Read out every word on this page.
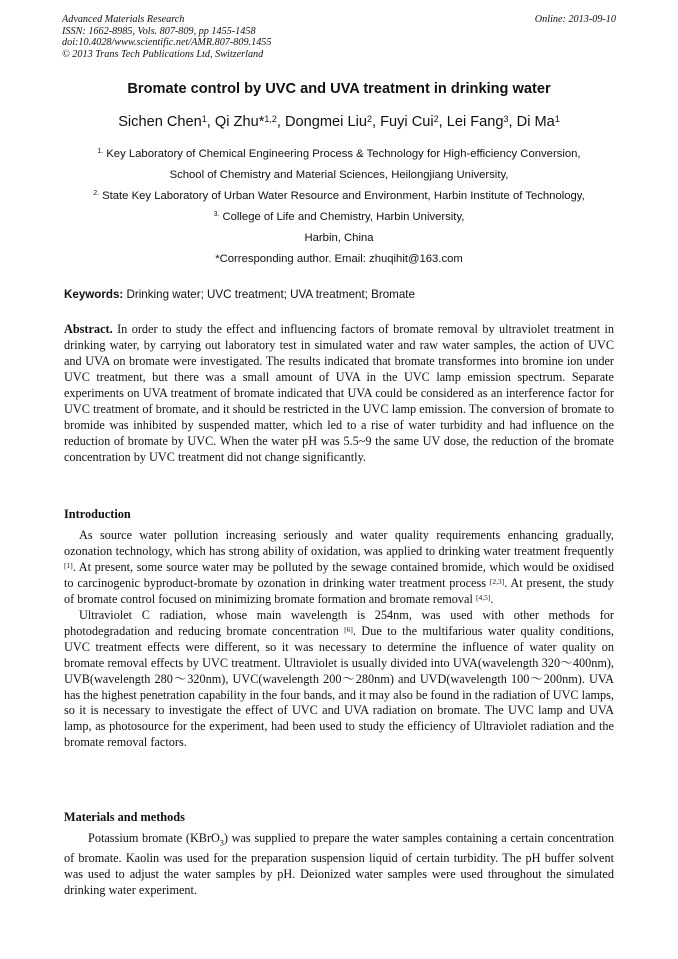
Advanced Materials Research
ISSN: 1662-8985, Vols. 807-809, pp 1455-1458
doi:10.4028/www.scientific.net/AMR.807-809.1455
© 2013 Trans Tech Publications Ltd, Switzerland
Online: 2013-09-10
Bromate control by UVC and UVA treatment in drinking water
Sichen Chen$^1$, Qi Zhu*$^{1,2}$, Dongmei Liu$^2$, Fuyi Cui$^2$, Lei Fang$^3$, Di Ma$^1$
$^{1.}$ Key Laboratory of Chemical Engineering Process & Technology for High-efficiency Conversion,
School of Chemistry and Material Sciences, Heilongjiang University,
$^{2.}$ State Key Laboratory of Urban Water Resource and Environment, Harbin Institute of Technology,
$^{3.}$ College of Life and Chemistry, Harbin University,
Harbin, China
*Corresponding author. Email: zhuqihit@163.com
Keywords: Drinking water; UVC treatment; UVA treatment; Bromate

Abstract. In order to study the effect and influencing factors of bromate removal by ultraviolet treatment in drinking water, by carrying out laboratory test in simulated water and raw water samples, the action of UVC and UVA on bromate were investigated. The results indicated that bromate transformes into bromine ion under UVC treatment, but there was a small amount of UVA in the UVC lamp emission spectrum. Separate experiments on UVA treatment of bromate indicated that UVA could be considered as an interference factor for UVC treatment of bromate, and it should be restricted in the UVC lamp emission. The conversion of bromate to bromide was inhibited by suspended matter, which led to a rise of water turbidity and had influence on the reduction of bromate by UVC. When the water pH was 5.5~9 the same UV dose, the reduction of the bromate concentration by UVC treatment did not change significantly.

Introduction

As source water pollution increasing seriously and water quality requirements enhancing gradually, ozonation technology, which has strong ability of oxidation, was applied to drinking water treatment frequently [1]. At present, some source water may be polluted by the sewage contained bromide, which would be oxidised to carcinogenic byproduct-bromate by ozonation in drinking water treatment process [2,3]. At present, the study of bromate control focused on minimizing bromate formation and bromate removal [4,5].

Ultraviolet C radiation, whose main wavelength is 254nm, was used with other methods for photodegradation and reducing bromate concentration [6]. Due to the multifarious water quality conditions, UVC treatment effects were different, so it was necessary to determine the influence of water quality on bromate removal effects by UVC treatment. Ultraviolet is usually divided into UVA(wavelength 320～400nm), UVB(wavelength 280～320nm), UVC(wavelength 200～280nm) and UVD(wavelength 100～200nm). UVA has the highest penetration capability in the four bands, and it may also be found in the radiation of UVC lamps, so it is necessary to investigate the effect of UVC and UVA radiation on bromate. The UVC lamp and UVA lamp, as photosource for the experiment, had been used to study the efficiency of Ultraviolet radiation and the bromate removal factors.

Materials and methods

Potassium bromate (KBrO$_3$) was supplied to prepare the water samples containing a certain concentration of bromate. Kaolin was used for the preparation suspension liquid of certain turbidity. The pH buffer solvent was used to adjust the water samples by pH. Deionized water samples were used throughout the simulated drinking water experiment.
